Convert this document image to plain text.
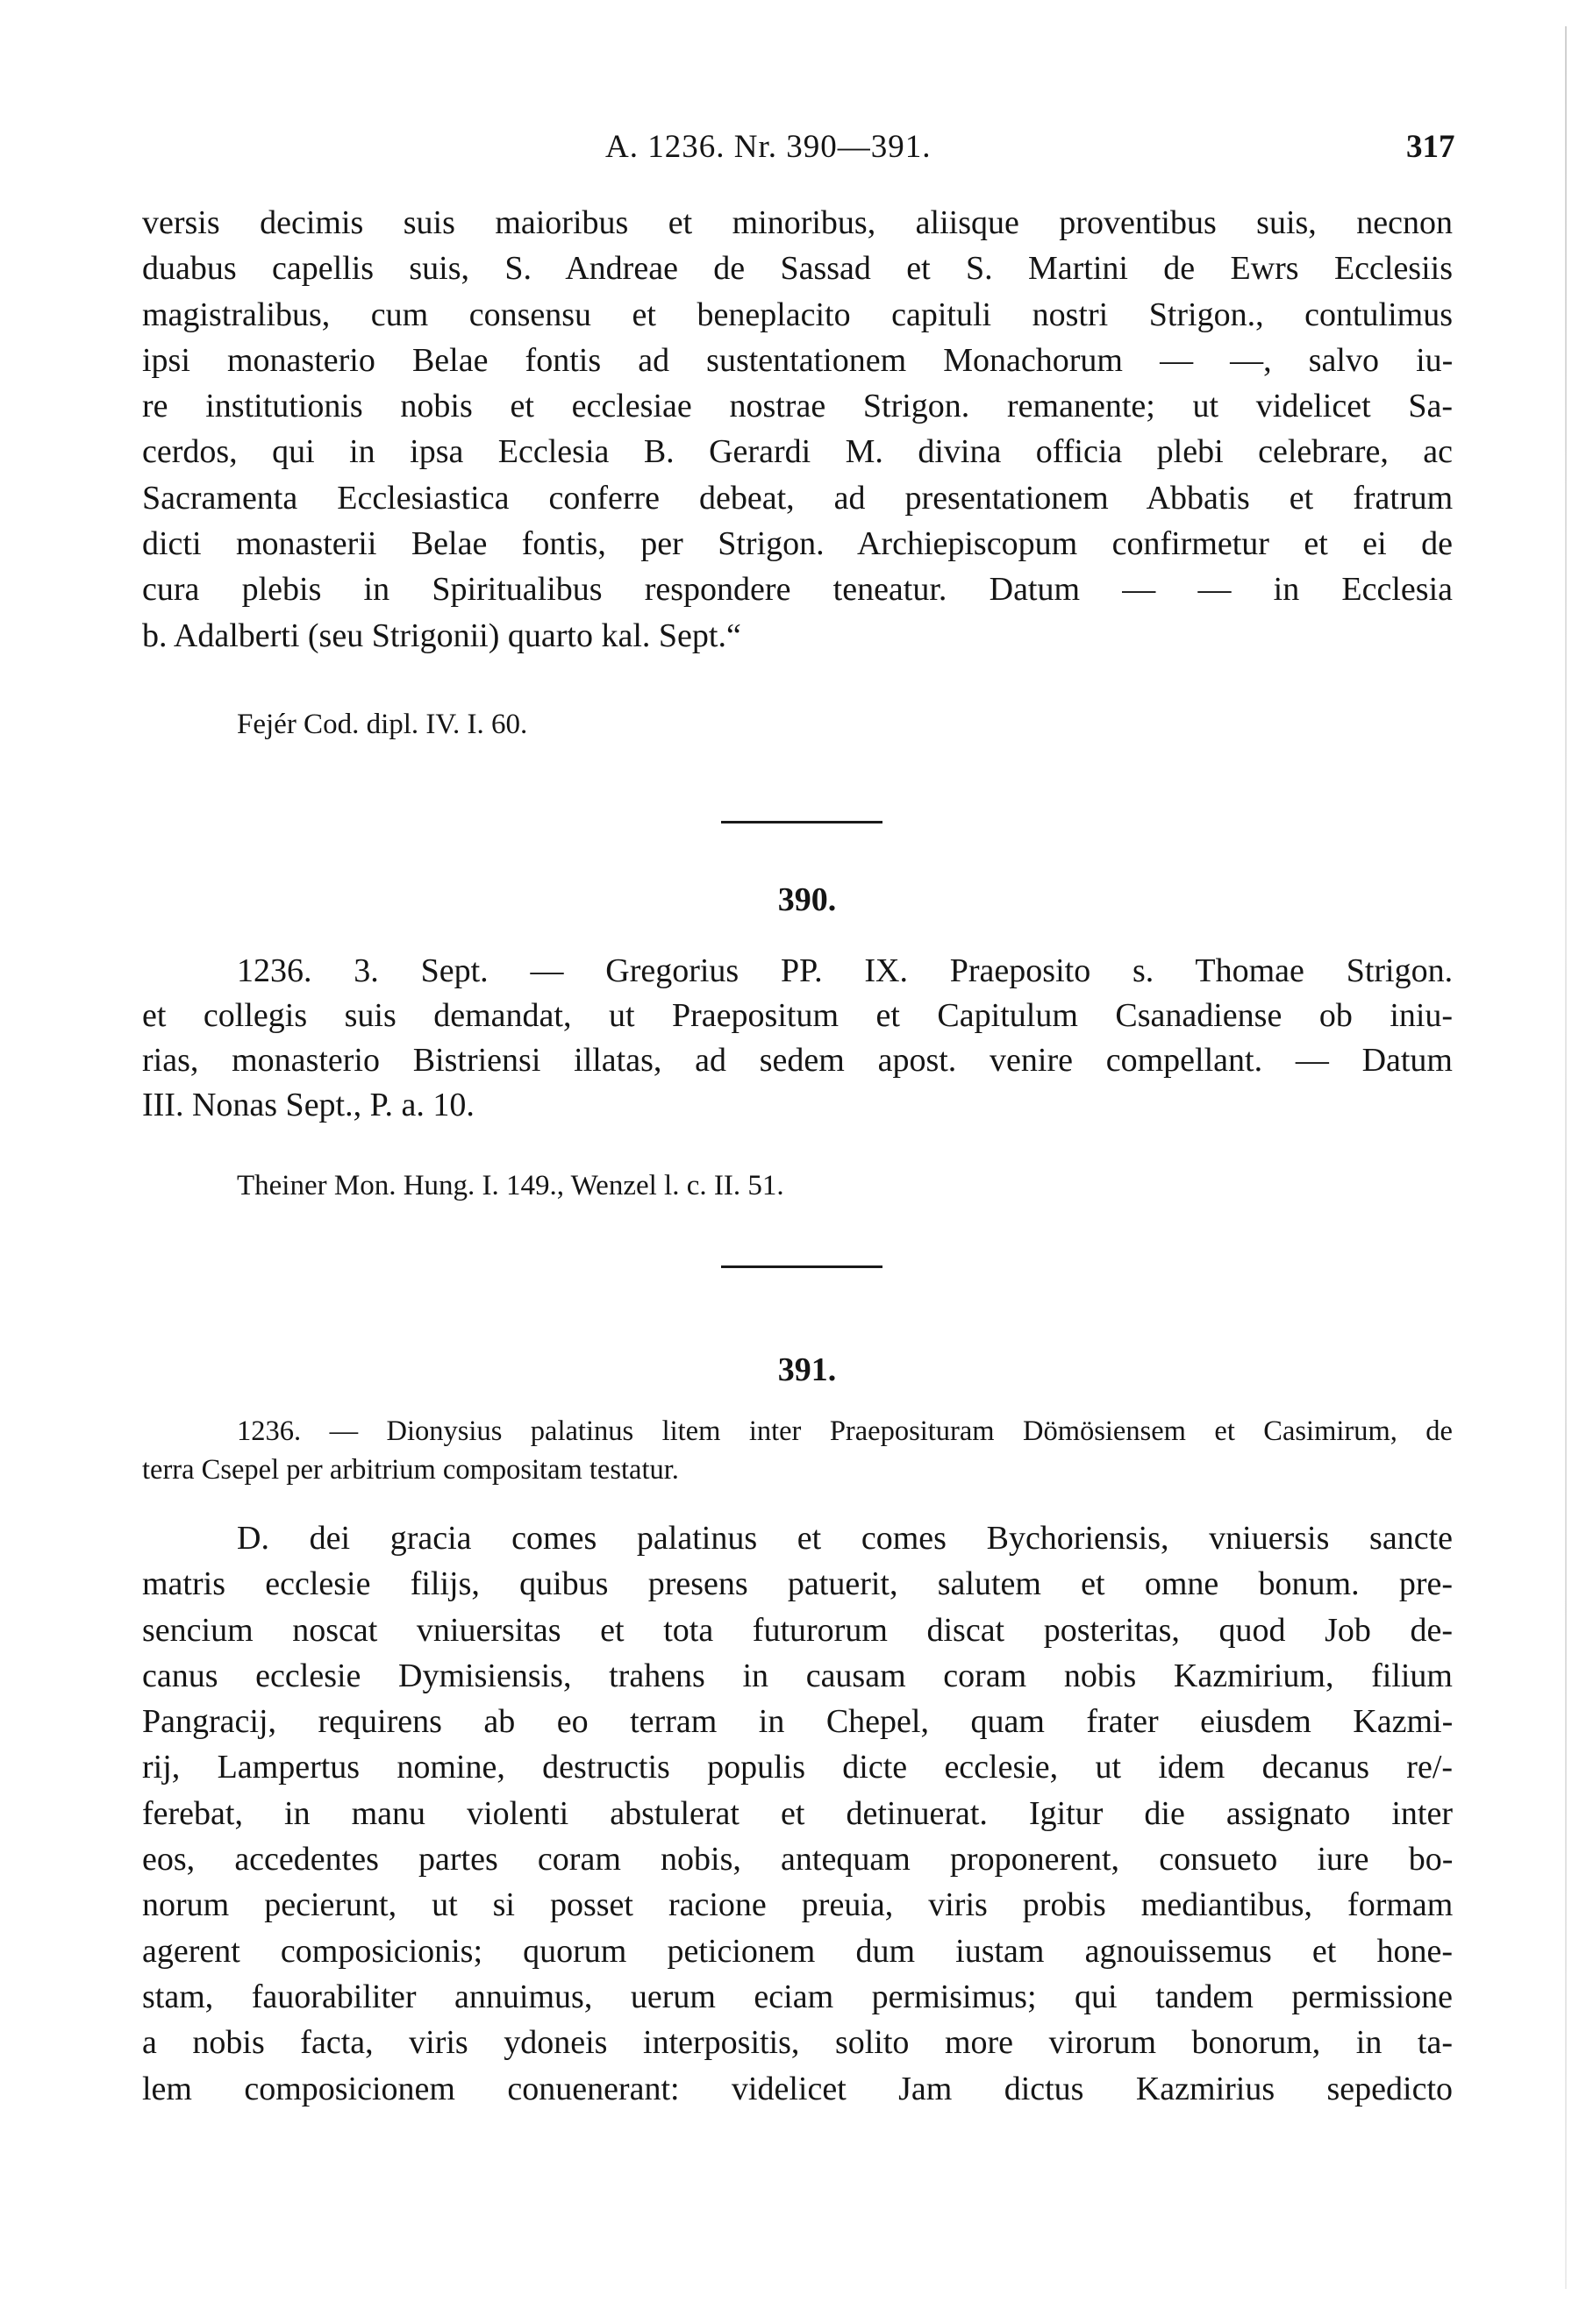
A. 1236. Nr. 390—391.	317
versis decimis suis maioribus et minoribus, aliisque proventibus suis, necnon
duabus capellis suis, S. Andreae de Sassad et S. Martini de Ewrs Ecclesiis
magistralibus, cum consensu et beneplacito capituli nostri Strigon., contulimus
ipsi monasterio Belae fontis ad sustentationem Monachorum — —, salvo iu-
re institutionis nobis et ecclesiae nostrae Strigon. remanente; ut videlicet Sa-
cerdos, qui in ipsa Ecclesia B. Gerardi M. divina officia plebi celebrare, ac
Sacramenta Ecclesiastica conferre debeat, ad presentationem Abbatis et fratrum
dicti monasterii Belae fontis, per Strigon. Archiepiscopum confirmetur et ei de
cura plebis in Spiritualibus respondere teneatur. Datum — — in Ecclesia
b. Adalberti (seu Strigonii) quarto kal. Sept.“
Fejér Cod. dipl. IV. I. 60.
390.
1236. 3. Sept. — Gregorius PP. IX. Praeposito s. Thomae Strigon.
et collegis suis demandat, ut Praepositum et Capitulum Csanadiense ob iniu-
rias, monasterio Bistriensi illatas, ad sedem apost. venire compellant. — Datum
III. Nonas Sept., P. a. 10.
Theiner Mon. Hung. I. 149., Wenzel l. c. II. 51.
391.
1236. — Dionysius palatinus litem inter Praeposituram Dömösiensem et Casimirum, de
terra Csepel per arbitrium compositam testatur.
D. dei gracia comes palatinus et comes Bychoriensis, vniuersis sancte
matris ecclesie filijs, quibus presens patuerit, salutem et omne bonum. pre-
sencium noscat vniuersitas et tota futurorum discat posteritas, quod Job de-
canus ecclesie Dymisiensis, trahens in causam coram nobis Kazmirium, filium
Pangracij, requirens ab eo terram in Chepel, quam frater eiusdem Kazmi-
rij, Lampertus nomine, destructis populis dicte ecclesie, ut idem decanus re/-
ferebat, in manu violenti abstulerat et detinuerat. Igitur die assignato inter
eos, accedentes partes coram nobis, antequam proponerent, consueto iure bo-
norum pecierunt, ut si posset racione preuia, viris probis mediantibus, formam
agerent composicionis; quorum peticionem dum iustam agnouissemus et hone-
stam, fauorabiliter annuimus, uerum eciam permisimus; qui tandem permissione
a nobis facta, viris ydoneis interpositis, solito more virorum bonorum, in ta-
lem composicionem conuenerant: videlicet Jam dictus Kazmirius sepedicto
